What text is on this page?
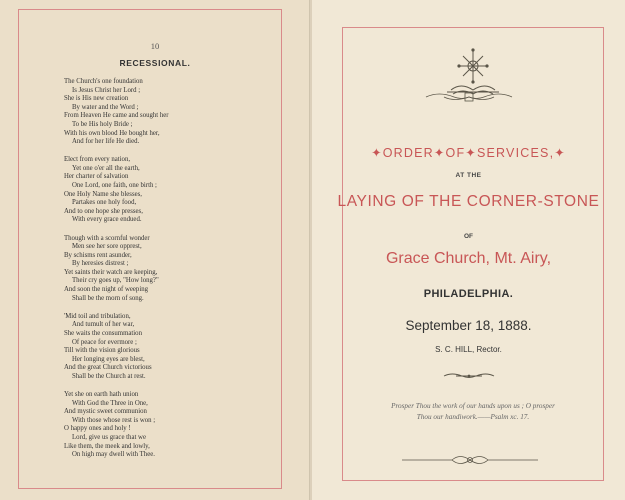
10
RECESSIONAL.
The Church's one foundation
Is Jesus Christ her Lord ;
She is His new creation
By water and the Word ;
From Heaven He came and sought her
To be His holy Bride ;
With his own blood He bought her,
And for her life He died.
Elect from every nation,
Yet one o'er all the earth,
Her charter of salvation
One Lord, one faith, one birth ;
One Holy Name she blesses,
Partakes one holy food,
And to one hope she presses,
With every grace endued.
Though with a scornful wonder
Men see her sore opprest,
By schisms rent asunder,
By heresies distrest ;
Yet saints their watch are keeping,
Their cry goes up, "How long?"
And soon the night of weeping
Shall be the morn of song.
'Mid toil and tribulation,
And tumult of her war,
She waits the consummation
Of peace for evermore ;
Till with the vision glorious
Her longing eyes are blest,
And the great Church victorious
Shall be the Church at rest.
Yet she on earth hath union
With God the Three in One,
And mystic sweet communion
With those whose rest is won ;
O happy ones and holy !
Lord, give us grace that we
Like them, the meek and lowly,
On high may dwell with Thee.
✦ORDER✦OF✦SERVICES,✦
AT THE
LAYING OF THE CORNER-STONE
OF
Grace Church, Mt. Airy,
PHILADELPHIA.
September 18, 1888.
S. C. HILL, Rector.
Prosper Thou the work of our hands upon us ; O prosper
Thou our handiwork.——Psalm xc. 17.
